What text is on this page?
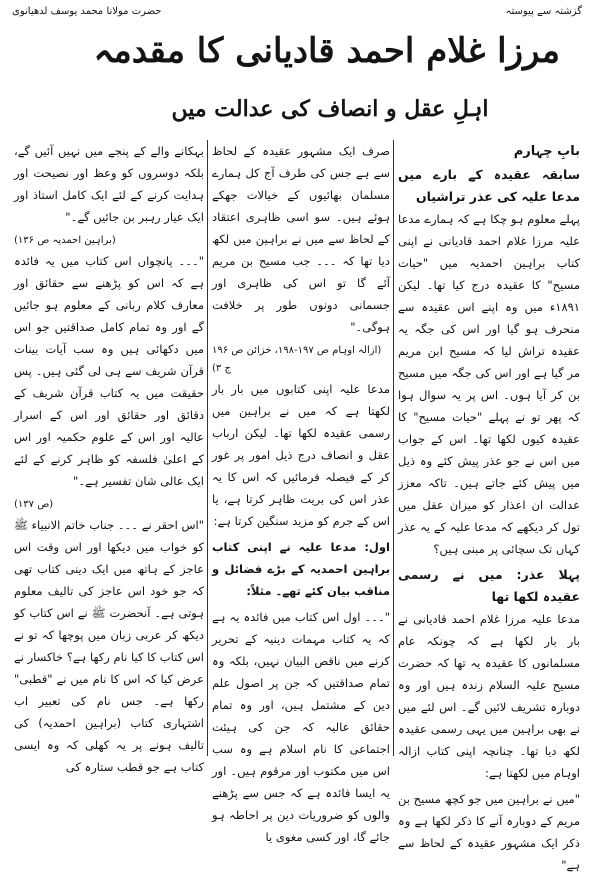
گزشتہ سے پیوستہ
حضرت مولانا محمد یوسف لدھیانوی
مرزا غلام احمد قادیانی کا مقدمہ
اہلِ عقل و انصاف کی عدالت میں
بابِ چہارم
سابقہ عقیدہ کے بارے میں مدعا علیہ کی عذر تراشیاں

پہلے معلوم ہو چکا ہے کہ ہمارے مدعا علیہ مرزا غلام احمد قادیانی نے اپنی کتاب براہین احمدیہ میں "حیات مسیح" کا عقیدہ درج کیا تھا۔ لیکن ۱۸۹۱ء میں وہ اپنے اس عقیدہ سے منحرف ہو گیا اور اس کی جگہ یہ عقیدہ تراش لیا کہ مسیح ابن مریم مر گیا ہے اور اس کی جگہ میں مسیح بن کر آیا ہوں۔ اس پر یہ سوال ہوا کہ پھر تو نے پہلے "حیات مسیح" کا عقیدہ کیوں لکھا تھا۔ اس کے جواب میں اس نے جو عذر پیش کئے وہ ذیل میں پیش کئے جاتے ہیں۔ تاکہ معزز عدالت ان اعذار کو میزان عقل میں تول کر دیکھے کہ مدعا علیہ کے یہ عذر کہاں تک سچائی پر مبنی ہیں؟

پہلا عذر: میں نے رسمی عقیدہ لکھا تھا

مدعا علیہ مرزا غلام احمد قادیانی نے بار بار لکھا ہے کہ چونکہ عام مسلمانوں کا عقیدہ یہ تھا کہ حضرت مسیح علیہ السلام زندہ ہیں اور وہ دوبارہ تشریف لائیں گے۔ اس لئے میں نے بھی براہین میں یہی رسمی عقیدہ لکھ دیا تھا۔ چنانچہ اپنی کتاب ازالہ اوہام میں لکھتا ہے:

"میں نے براہین میں جو کچھ مسیح بن مریم کے دوبارہ آنے کا ذکر لکھا ہے وہ ذکر ایک مشہور عقیدہ کے لحاظ سے ہے"

صرف ایک مشہور عقیدہ کے لحاظ سے ہے جس کی طرف آج کل ہمارے مسلمان بھائیوں کے خیالات جھکے ہوئے ہیں۔ سو اسی ظاہری اعتقاد کے لحاظ سے میں نے براہین میں لکھ دیا تھا کہ ۔۔۔ جب مسیح بن مریم آئے گا تو اس کی ظاہری اور جسمانی دونوں طور پر خلافت ہوگی۔"

(ازالہ اوہام ص ۱۹۷-۱۹۸، خزائن ص ۱۹۶ ج ۳)

مدعا علیہ اپنی کتابوں میں بار بار لکھتا ہے کہ میں نے براہین میں رسمی عقیدہ لکھا تھا۔ لیکن ارباب عقل و انصاف درج ذیل امور پر غور کر کے فیصلہ فرمائیں کہ اس کا یہ عذر اس کی بریت ظاہر کرتا ہے، یا اس کے جرم کو مزید سنگین کرتا ہے:

اول: مدعا علیہ نے اپنی کتاب براہین احمدیہ کے بڑے فضائل و مناقب بیان کئے تھے۔ مثلاً:

"۔۔۔ اول اس کتاب میں فائدہ یہ ہے کہ یہ کتاب مہمات دینیہ کے تحریر کرنے میں ناقص البیان نہیں، بلکہ وہ تمام صداقتیں کہ جن پر اصول علم دین کے مشتمل ہیں، اور وہ تمام حقائق عالیہ کہ جن کی ہیئت اجتماعی کا نام اسلام ہے وہ سب اس میں مکتوب اور مرقوم ہیں۔ اور یہ ایسا فائدہ ہے کہ جس سے پڑھنے والوں کو ضروریات دین پر احاطہ ہو جائے گا، اور کسی مغوی یا

بہکانے والے کے پنجے میں نہیں آئیں گے، بلکہ دوسروں کو وعظ اور نصیحت اور ہدایت کرنے کے لئے ایک کامل استاذ اور ایک عیار رہبر بن جائیں گے۔"

(براہین احمدیہ ص ۱۳۶)

"۔۔۔ پانچواں اس کتاب میں یہ فائدہ ہے کہ اس کو پڑھنے سے حقائق اور معارف کلام ربانی کے معلوم ہو جائیں گے اور وہ تمام کامل صداقتیں جو اس میں دکھائی ہیں وہ سب آیات بینات قرآن شریف سے ہی لی گئی ہیں۔ پس حقیقت میں یہ کتاب قرآن شریف کے دقائق اور حقائق اور اس کے اسرار عالیہ اور اس کے علوم حکمیہ اور اس کے اعلیٰ فلسفہ کو ظاہر کرنے کے لئے ایک عالی شان تفسیر ہے۔"

(ص ۱۳۷)

"اس احقر نے ۔۔۔ جناب خاتم الانبیاء ﷺ کو خواب میں دیکھا اور اس وقت اس عاجز کے ہاتھ میں ایک دینی کتاب تھی کہ جو خود اس عاجز کی تالیف معلوم ہوتی ہے۔ آنحضرت ﷺ نے اس کتاب کو دیکھ کر عربی زبان میں پوچھا کہ تو نے اس کتاب کا کیا نام رکھا ہے؟ خاکسار نے عرض کیا کہ اس کا نام میں نے "قطبی" رکھا ہے۔ جس نام کی تعبیر اب اشتہاری کتاب (براہین احمدیہ) کی تالیف ہونے پر یہ کھلی کہ وہ ایسی کتاب ہے جو قطب ستارہ کی
